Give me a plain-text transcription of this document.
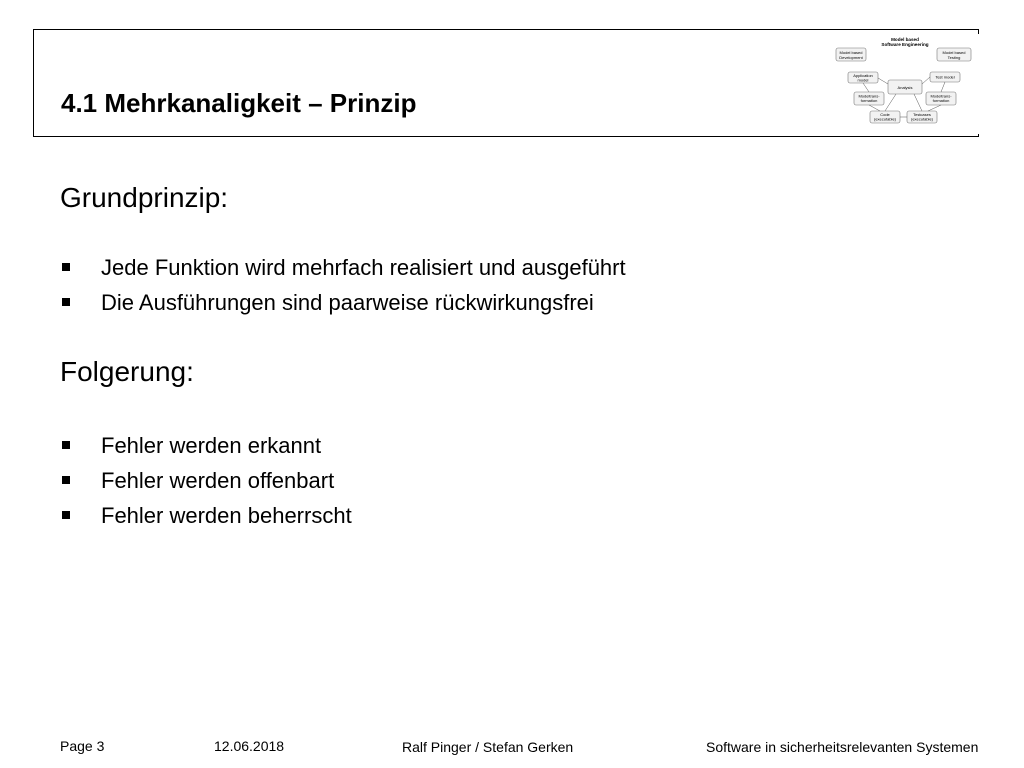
4.1 Mehrkanaligkeit – Prinzip
Model based
Software Engineering
Model based
Development
Model based
Testing
Application
model
Test model
Analysis
Modeltrans-
formation
Modeltrans-
formation
Code
(executable)
Testcases
(executable)
Grundprinzip:
Jede Funktion wird mehrfach realisiert und ausgeführt
Die Ausführungen sind paarweise rückwirkungsfrei
Folgerung:
Fehler werden erkannt
Fehler werden offenbart
Fehler werden beherrscht
Page 3	12.06.2018	Ralf Pinger / Stefan Gerken	Software in sicherheitsrelevanten Systemen
